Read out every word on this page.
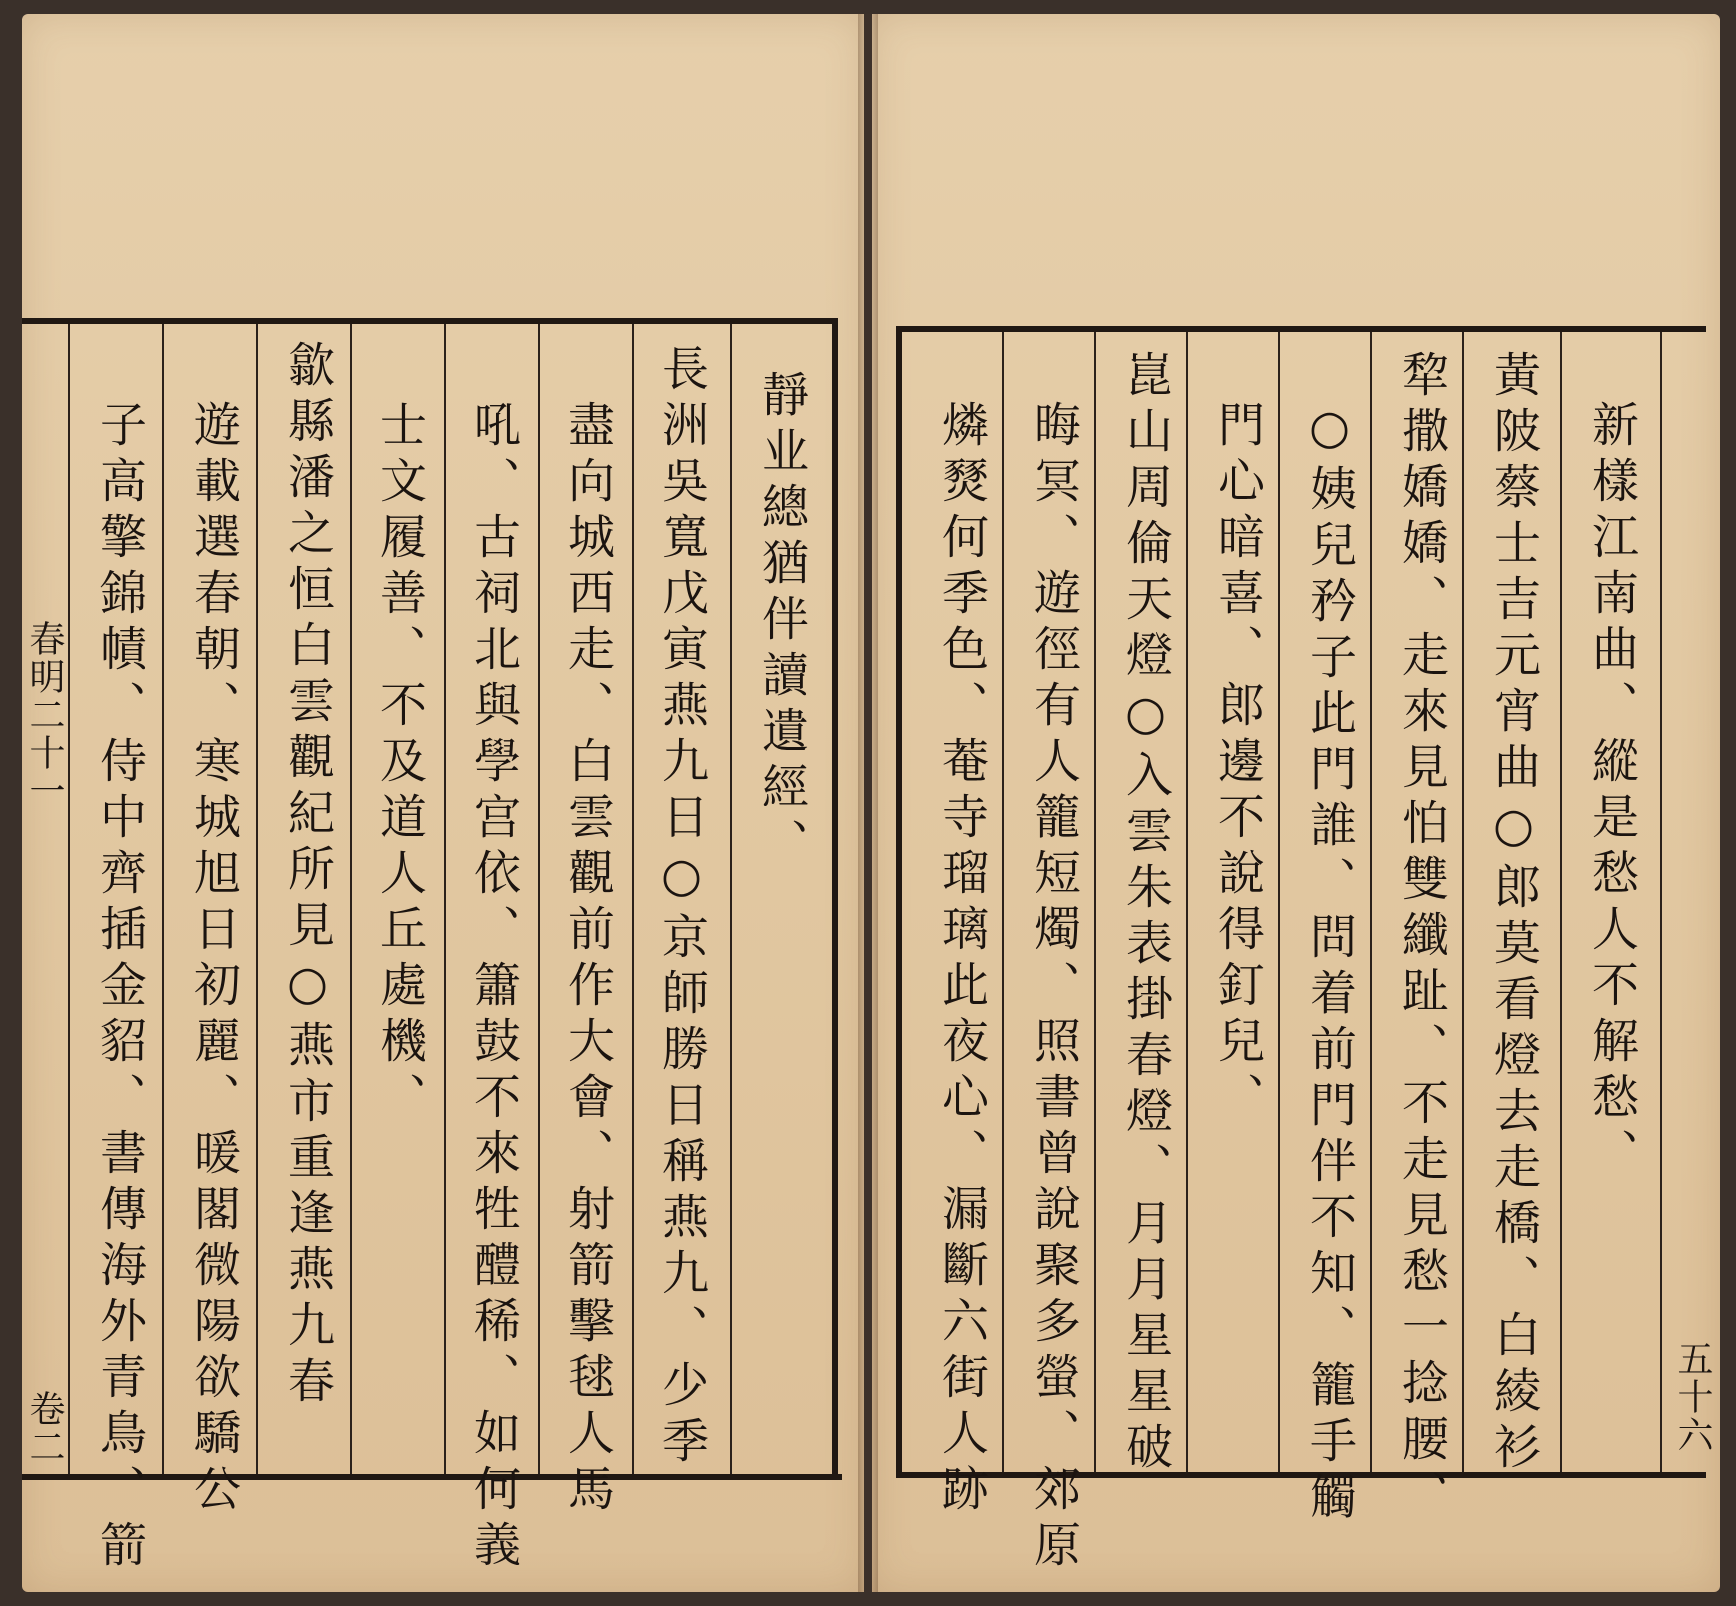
靜业總猶伴讀遺經、
長洲吳寬戊寅燕九日○京師勝日稱燕九、少季
盡向城西走、白雲觀前作大會、射箭擊毬人馬
吼、古祠北與學宫依、簫鼓不來牲醴稀、如何義
士文履善、不及道人丘處機、
歙縣潘之恒白雲觀紀所見○燕市重逢燕九春
遊載選春朝、寒城旭日初麗、暖閣微陽欲驕公
子高擎錦幘、侍中齊插金貂、書傳海外青鳥、箭
春明二十一
卷二
新樣江南曲、縱是愁人不解愁、
黃陂蔡士吉元宵曲○郎莫看燈去走橋、白綾衫
犂撒嬌嬌、走來見怕雙纖趾、不走見愁一捻腰、
○姨兒矜子此門誰、問着前門伴不知、籠手觸
門心暗喜、郎邊不說得釘兒、
崑山周倫天燈○入雲朱表掛春燈、月月星星破
晦冥、遊徑有人籠短燭、照書曾說聚多螢、郊原
燐燹何季色、菴寺瑠璃此夜心、漏斷六街人跡	五十六
